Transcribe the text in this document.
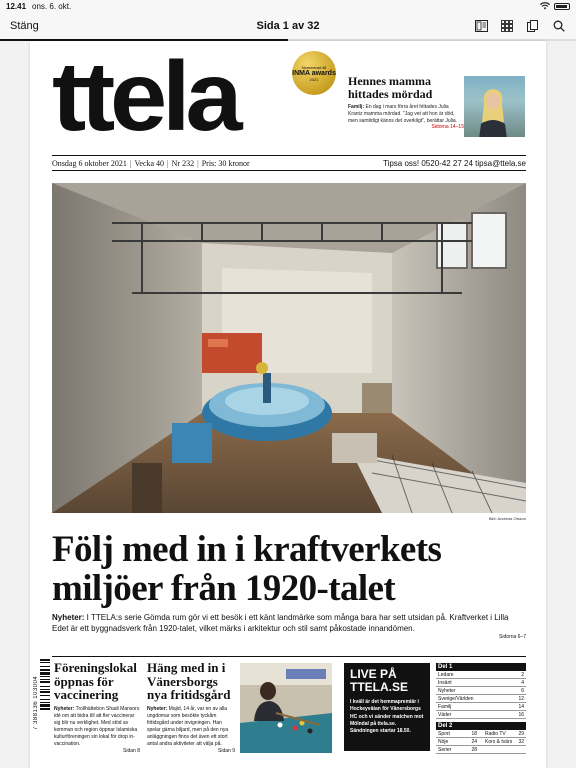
12.41 ons. 6. okt.
Stäng	Sida 1 av 32
ttela	Nominerad till
INMA awards
2021 Hennes mamma hittades mördad
Familj: En dag i mars förra året hittades Julia Krantz mamma mördad. "Jag vet att hon är död, men samtidigt känns det overkligt", berättar Julia.
Sidorna 14–15
Onsdag 6 oktober 2021 | Vecka 40 | Nr 232 | Pris: 30 kronor	Tipsa oss! 0520-42 27 24 tipsa@ttela.se
Bild: Andreas Olsson
Följ med in i kraftverkets miljöer från 1920-talet
Nyheter: I TTELA:s serie Gömda rum gör vi ett besök i ett känt landmärke som många bara har sett utsidan på. Kraftverket i Lilla Edet är ett byggnadsverk från 1920-talet, vilket märks i arkitektur och stil samt påkostade innandömen.
Sidorna 6–7
7 388136 103004
Föreningslokal öppnas för vaccinering
Nyheter: Trollhättebon Shadi Mansors idé om att bidra till att fler vaccinerar sig blir nu verklighet. Med stöd av kommun och region öppnar Islamiska kulturföreningen sin lokal för drop in-vaccination.
Sidan 8
Häng med in i Vänersborgs nya fritidsgård
Nyheter: Majid, 14 år, var en av alla ungdomar som besökte tyckåm fritidsgård under invigningen. Han spelar gärna biljard, men på den nya anläggningen finns det även ett stort antal andra aktiviteter att välja på.
Sidan 9
LIVE PÅ TTELA.SE
I kväll är det hemmapremiär i Hockeyvätan för Vänersborgs HC och vi sänder matchen mot Mölndal på ttela.se. Sändningen startar 18.50.
Del 1
Ledare	2
Insänt	4
Nyheter	6
Sverige/Världen	12
Familj	14
Väder	16
Del 2
Sport	18 Radio TV	29
Nöje	24 Kors & tvärs 32
Serier	28
